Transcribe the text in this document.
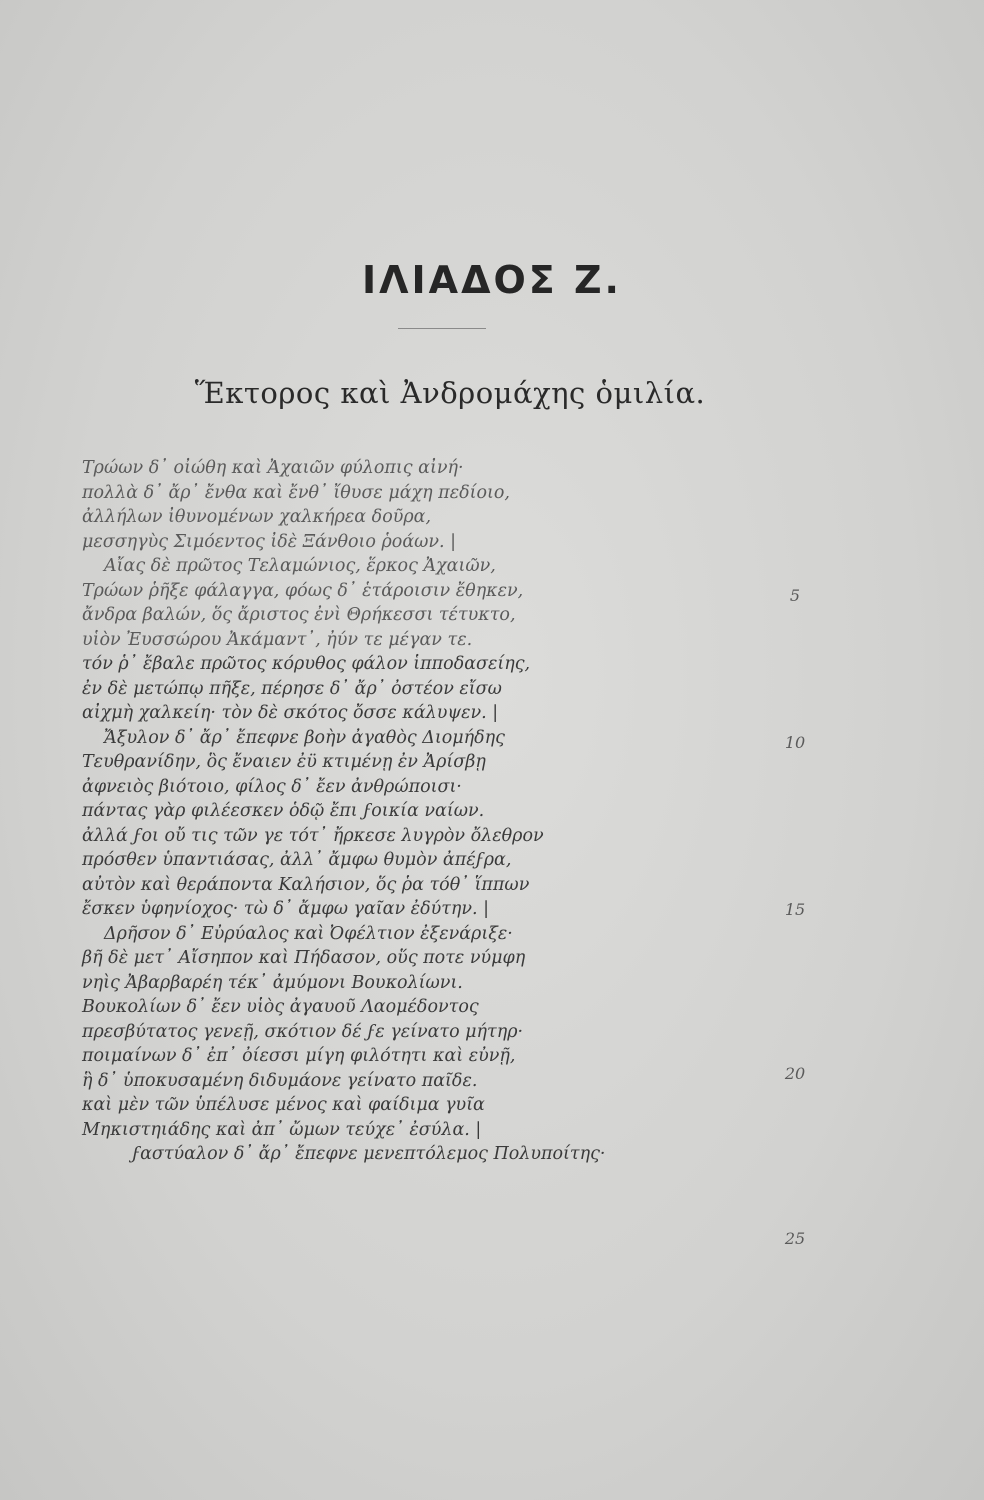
ΙΛΙΑΔΟΣ Ζ.
Ἕκτορος καὶ Ἀνδρομάχης ὁμιλία.
Τρώων δ᾽ οἰώθη καὶ Ἀχαιῶν φύλοπις αἰνή·
πολλὰ δ᾽ ἄρ᾽ ἔνθα καὶ ἔνθ᾽ ἴθυσε μάχη πεδίοιο,
ἀλλήλων ἰθυνομένων χαλκήρεα δοῦρα,
μεσσηγὺς Σιμόεντος ἰδὲ Ξάνθοιο ῥοάων. |
Αἴας δὲ πρῶτος Τελαμώνιος, ἕρκος Ἀχαιῶν,
Τρώων ῥῆξε φάλαγγα, φόως δ᾽ ἑτάροισιν ἔθηκεν,
ἄνδρα βαλών, ὅς ἄριστος ἐνὶ Θρήκεσσι τέτυκτο,
υἱὸν Ἐυσσώρου Ἀκάμαντ᾽, ἠύν τε μέγαν τε.
τόν ῥ᾽ ἔβαλε πρῶτος κόρυθος φάλον ἱπποδασείης,
ἐν δὲ μετώπῳ πῆξε, πέρησε δ᾽ ἄρ᾽ ὀστέον εἴσω
αἰχμὴ χαλκείη· τὸν δὲ σκότος ὄσσε κάλυψεν. |
Ἄξυλον δ᾽ ἄρ᾽ ἔπεφνε βοὴν ἀγαθὸς Διομήδης
Τευθρανίδην, ὃς ἔναιεν ἐϋ κτιμένῃ ἐν Ἀρίσβῃ
ἀφνειὸς βιότοιο, φίλος δ᾽ ἔεν ἀνθρώποισι·
πάντας γὰρ φιλέεσκεν ὁδῷ ἔπι ϝοικία ναίων.
ἀλλά ϝοι οὔ τις τῶν γε τότ᾽ ἤρκεσε λυγρὸν ὄλεθρον
πρόσθεν ὑπαντιάσας, ἀλλ᾽ ἄμφω θυμὸν ἀπέϝρα,
αὐτὸν καὶ θεράποντα Καλήσιον, ὅς ῥα τόθ᾽ ἵππων
ἔσκεν ὑφηνίοχος· τὼ δ᾽ ἄμφω γαῖαν ἐδύτην. |
Δρῆσον δ᾽ Εὐρύαλος καὶ Ὀφέλτιον ἐξενάριξε·
βῆ δὲ μετ᾽ Αἴσηπον καὶ Πήδασον, οὕς ποτε νύμφη
νηὶς Ἀβαρβαρέη τέκ᾽ ἀμύμονι Βουκολίωνι.
Βουκολίων δ᾽ ἔεν υἱὸς ἀγαυοῦ Λαομέδοντος
πρεσβύτατος γενεῇ, σκότιον δέ ϝε γείνατο μήτηρ·
ποιμαίνων δ᾽ ἐπ᾽ ὀίεσσι μίγη φιλότητι καὶ εὐνῇ,
ἣ δ᾽ ὑποκυσαμένη διδυμάονε γείνατο παῖδε.
καὶ μὲν τῶν ὑπέλυσε μένος καὶ φαίδιμα γυῖα
Μηκιστηιάδης καὶ ἀπ᾽ ὤμων τεύχε᾽ ἐσύλα. |
ϝαστύαλον δ᾽ ἄρ᾽ ἔπεφνε μενεπτόλεμος Πολυποίτης·
5
10
15
20
25
